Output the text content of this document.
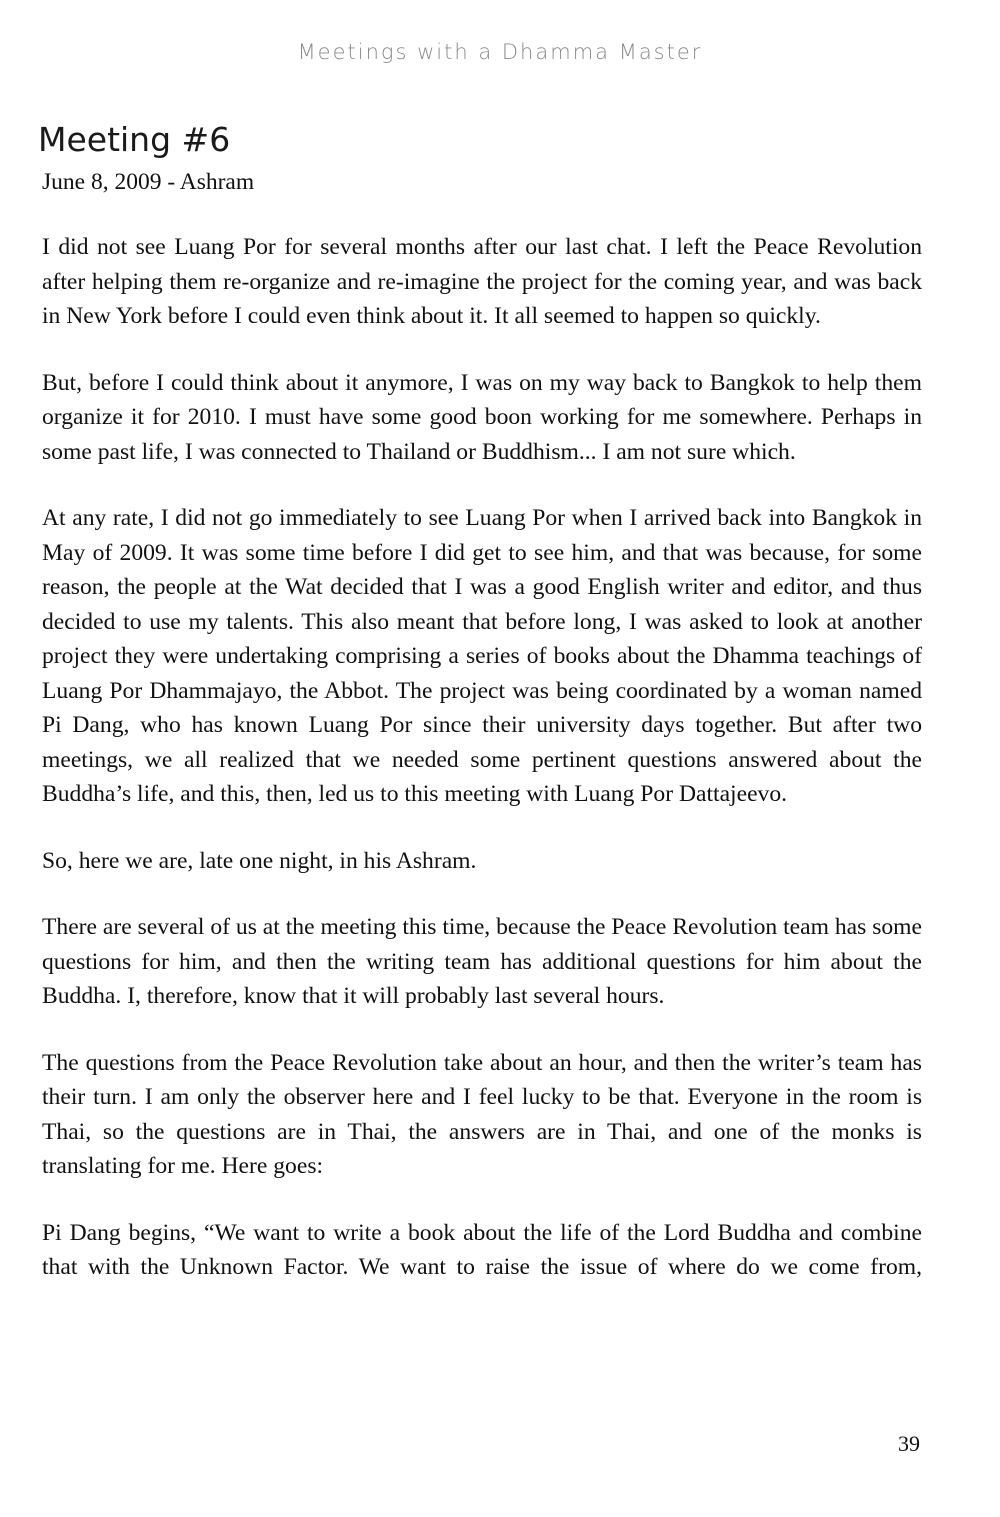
Meetings with a Dhamma Master
Meeting #6
June 8, 2009 - Ashram

I did not see Luang Por for several months after our last chat. I left the Peace Revolution after helping them re-organize and re-imagine the project for the coming year, and was back in New York before I could even think about it. It all seemed to happen so quickly.

But, before I could think about it anymore, I was on my way back to Bangkok to help them organize it for 2010. I must have some good boon working for me somewhere. Perhaps in some past life, I was connected to Thailand or Buddhism... I am not sure which.

At any rate, I did not go immediately to see Luang Por when I arrived back into Bangkok in May of 2009. It was some time before I did get to see him, and that was because, for some reason, the people at the Wat decided that I was a good English writer and editor, and thus decided to use my talents. This also meant that before long, I was asked to look at another project they were undertaking comprising a series of books about the Dhamma teachings of Luang Por Dhammajayo, the Abbot. The project was being coordinated by a woman named Pi Dang, who has known Luang Por since their university days together. But after two meetings, we all realized that we needed some pertinent questions answered about the Buddha’s life, and this, then, led us to this meeting with Luang Por Dattajeevo.

So, here we are, late one night, in his Ashram.

There are several of us at the meeting this time, because the Peace Revolution team has some questions for him, and then the writing team has additional questions for him about the Buddha. I, therefore, know that it will probably last several hours.

The questions from the Peace Revolution take about an hour, and then the writer’s team has their turn. I am only the observer here and I feel lucky to be that. Everyone in the room is Thai, so the questions are in Thai, the answers are in Thai, and one of the monks is translating for me. Here goes:

Pi Dang begins, “We want to write a book about the life of the Lord Buddha and combine that with the Unknown Factor. We want to raise the issue of where do we come from,

39
